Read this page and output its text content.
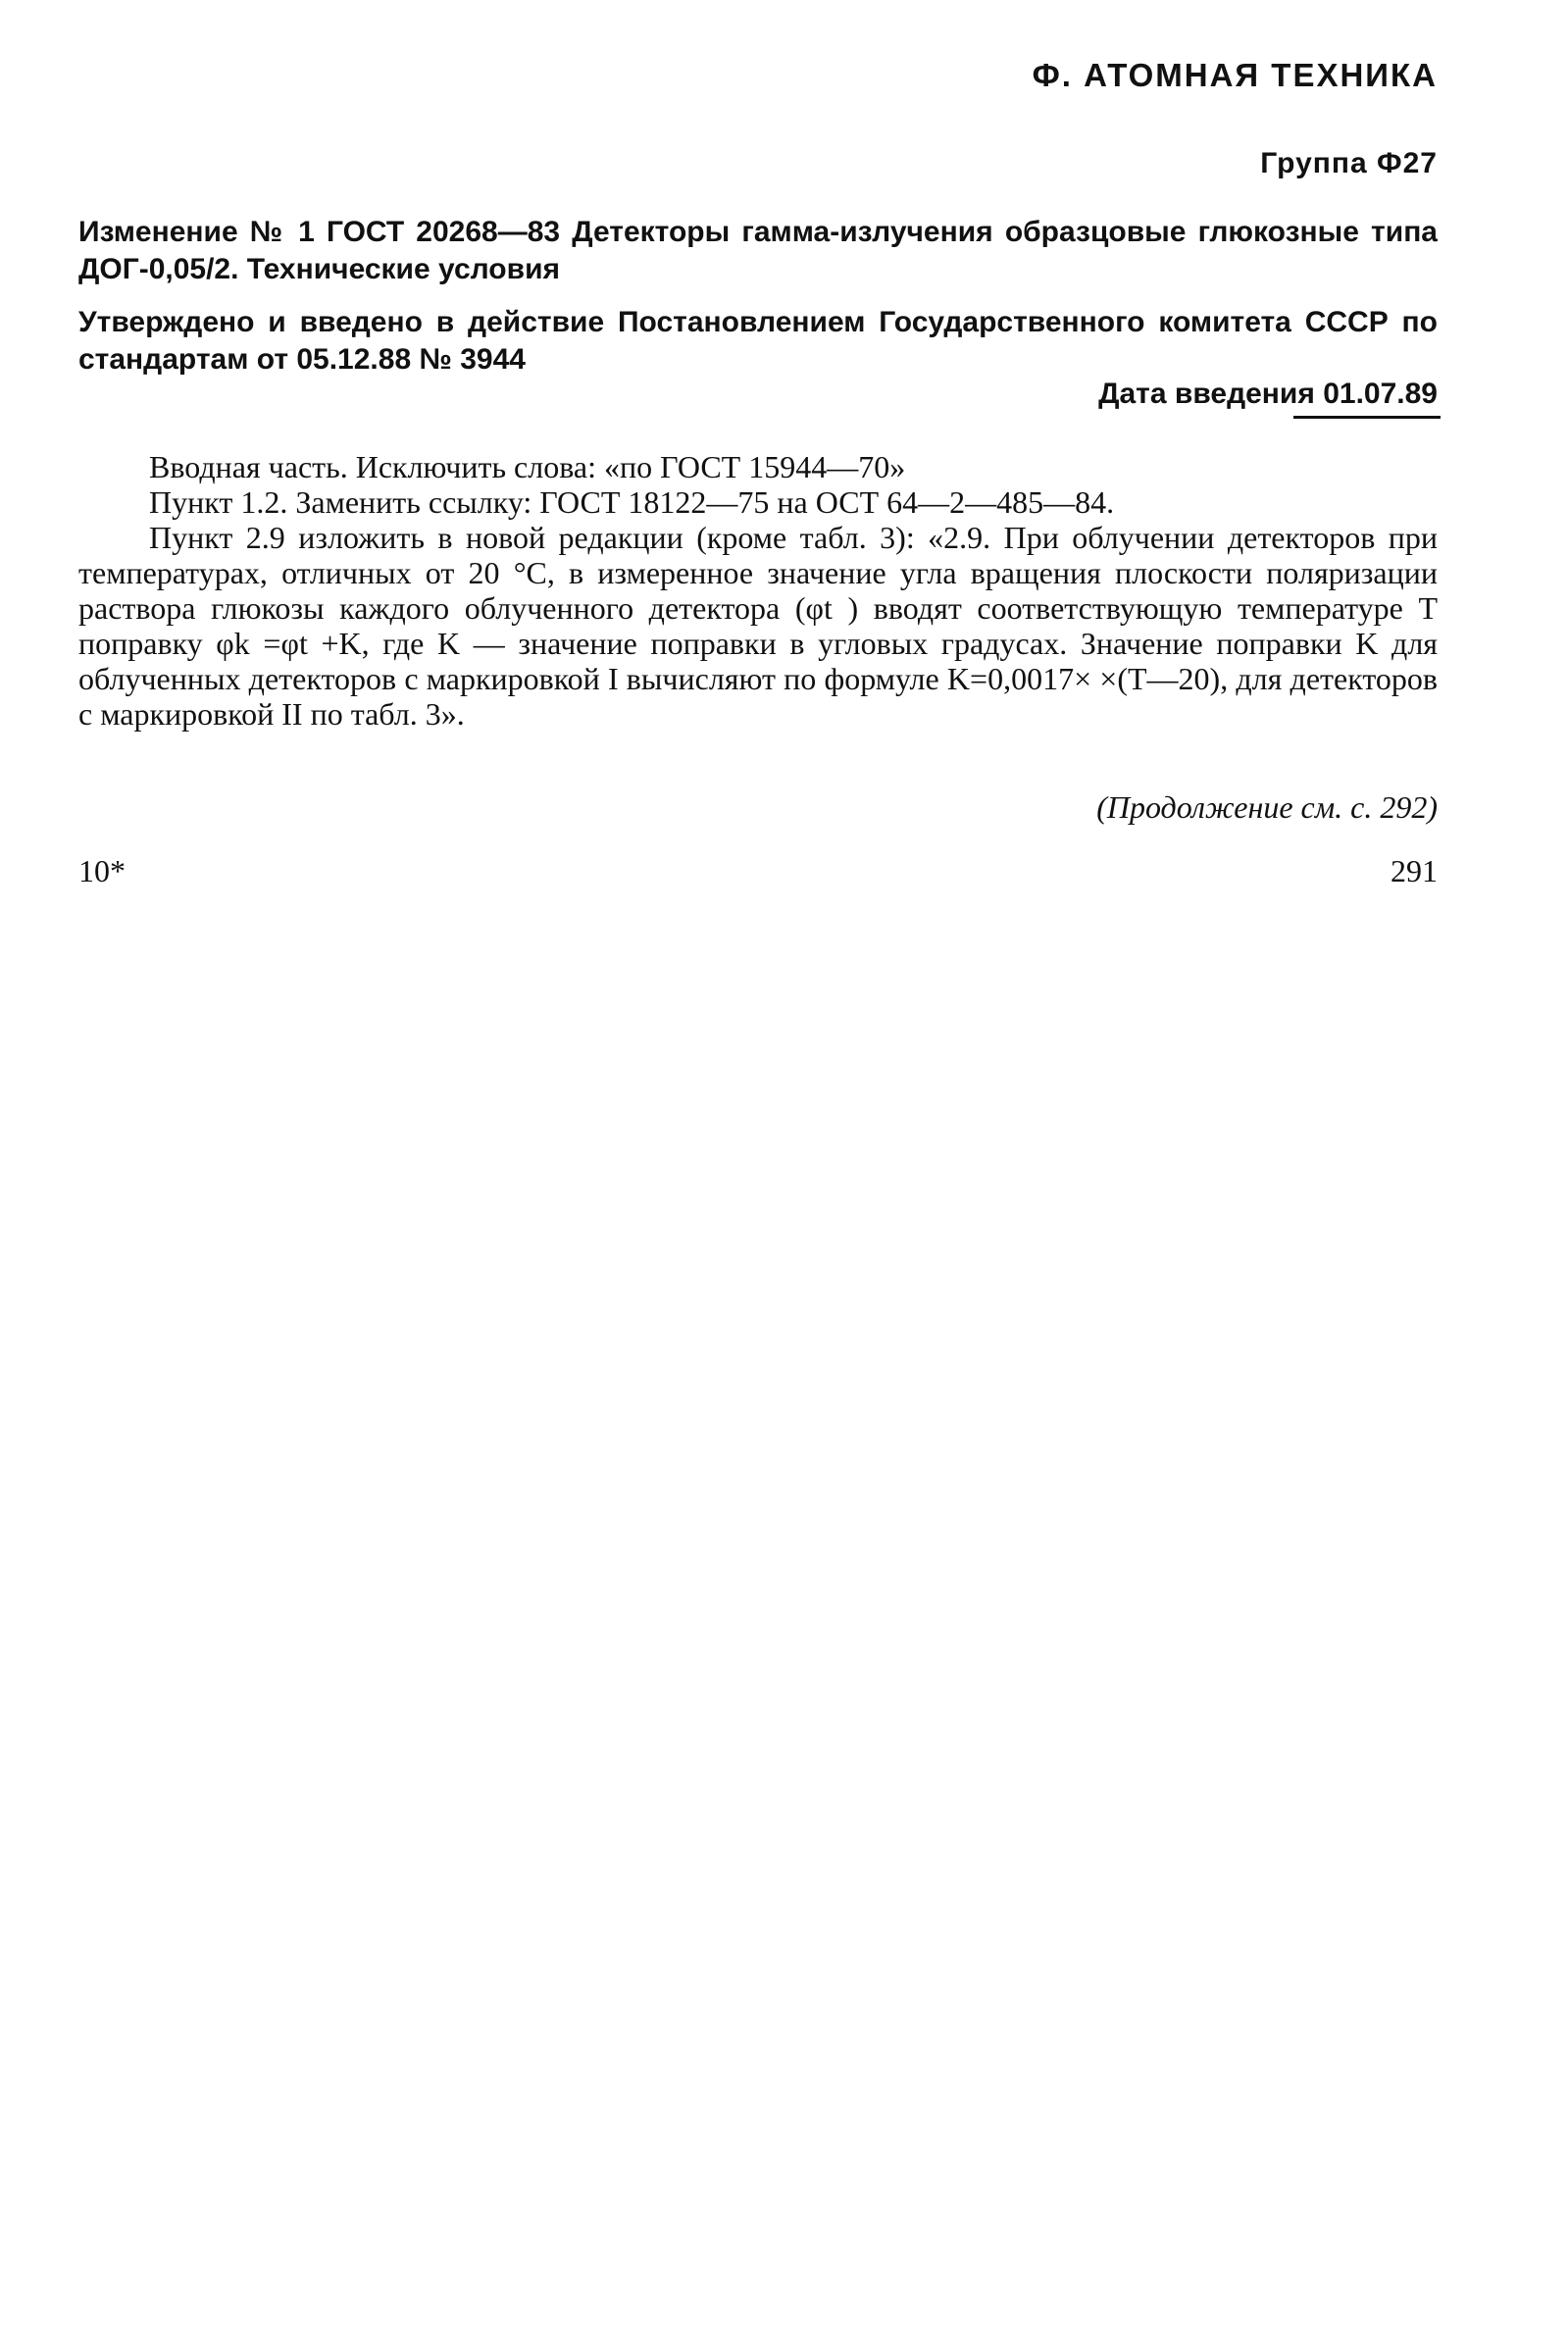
Ф. АТОМНАЯ ТЕХНИКА
Группа Ф27
Изменение № 1 ГОСТ 20268—83 Детекторы гамма-излучения образцовые глюкозные типа ДОГ-0,05/2. Технические условия
Утверждено и введено в действие Постановлением Государственного комитета СССР по стандартам от 05.12.88 № 3944
Дата введения 01.07.89

Вводная часть. Исключить слова: «по ГОСТ 15944—70»

Пункт 1.2. Заменить ссылку: ГОСТ 18122—75 на ОСТ 64—2—485—84.

Пункт 2.9 изложить в новой редакции (кроме табл. 3): «2.9. При облучении детекторов при температурах, отличных от 20 °C, в измеренное значение угла вращения плоскости поляризации раствора глюкозы каждого облученного детектора (φt ) вводят соответствующую температуре T поправку φk =φt +K, где K — значение поправки в угловых градусах. Значение поправки K для облученных детекторов с маркировкой I вычисляют по формуле K=0,0017× ×(T—20), для детекторов с маркировкой II по табл. 3».

(Продолжение см. с. 292)
10*	291
